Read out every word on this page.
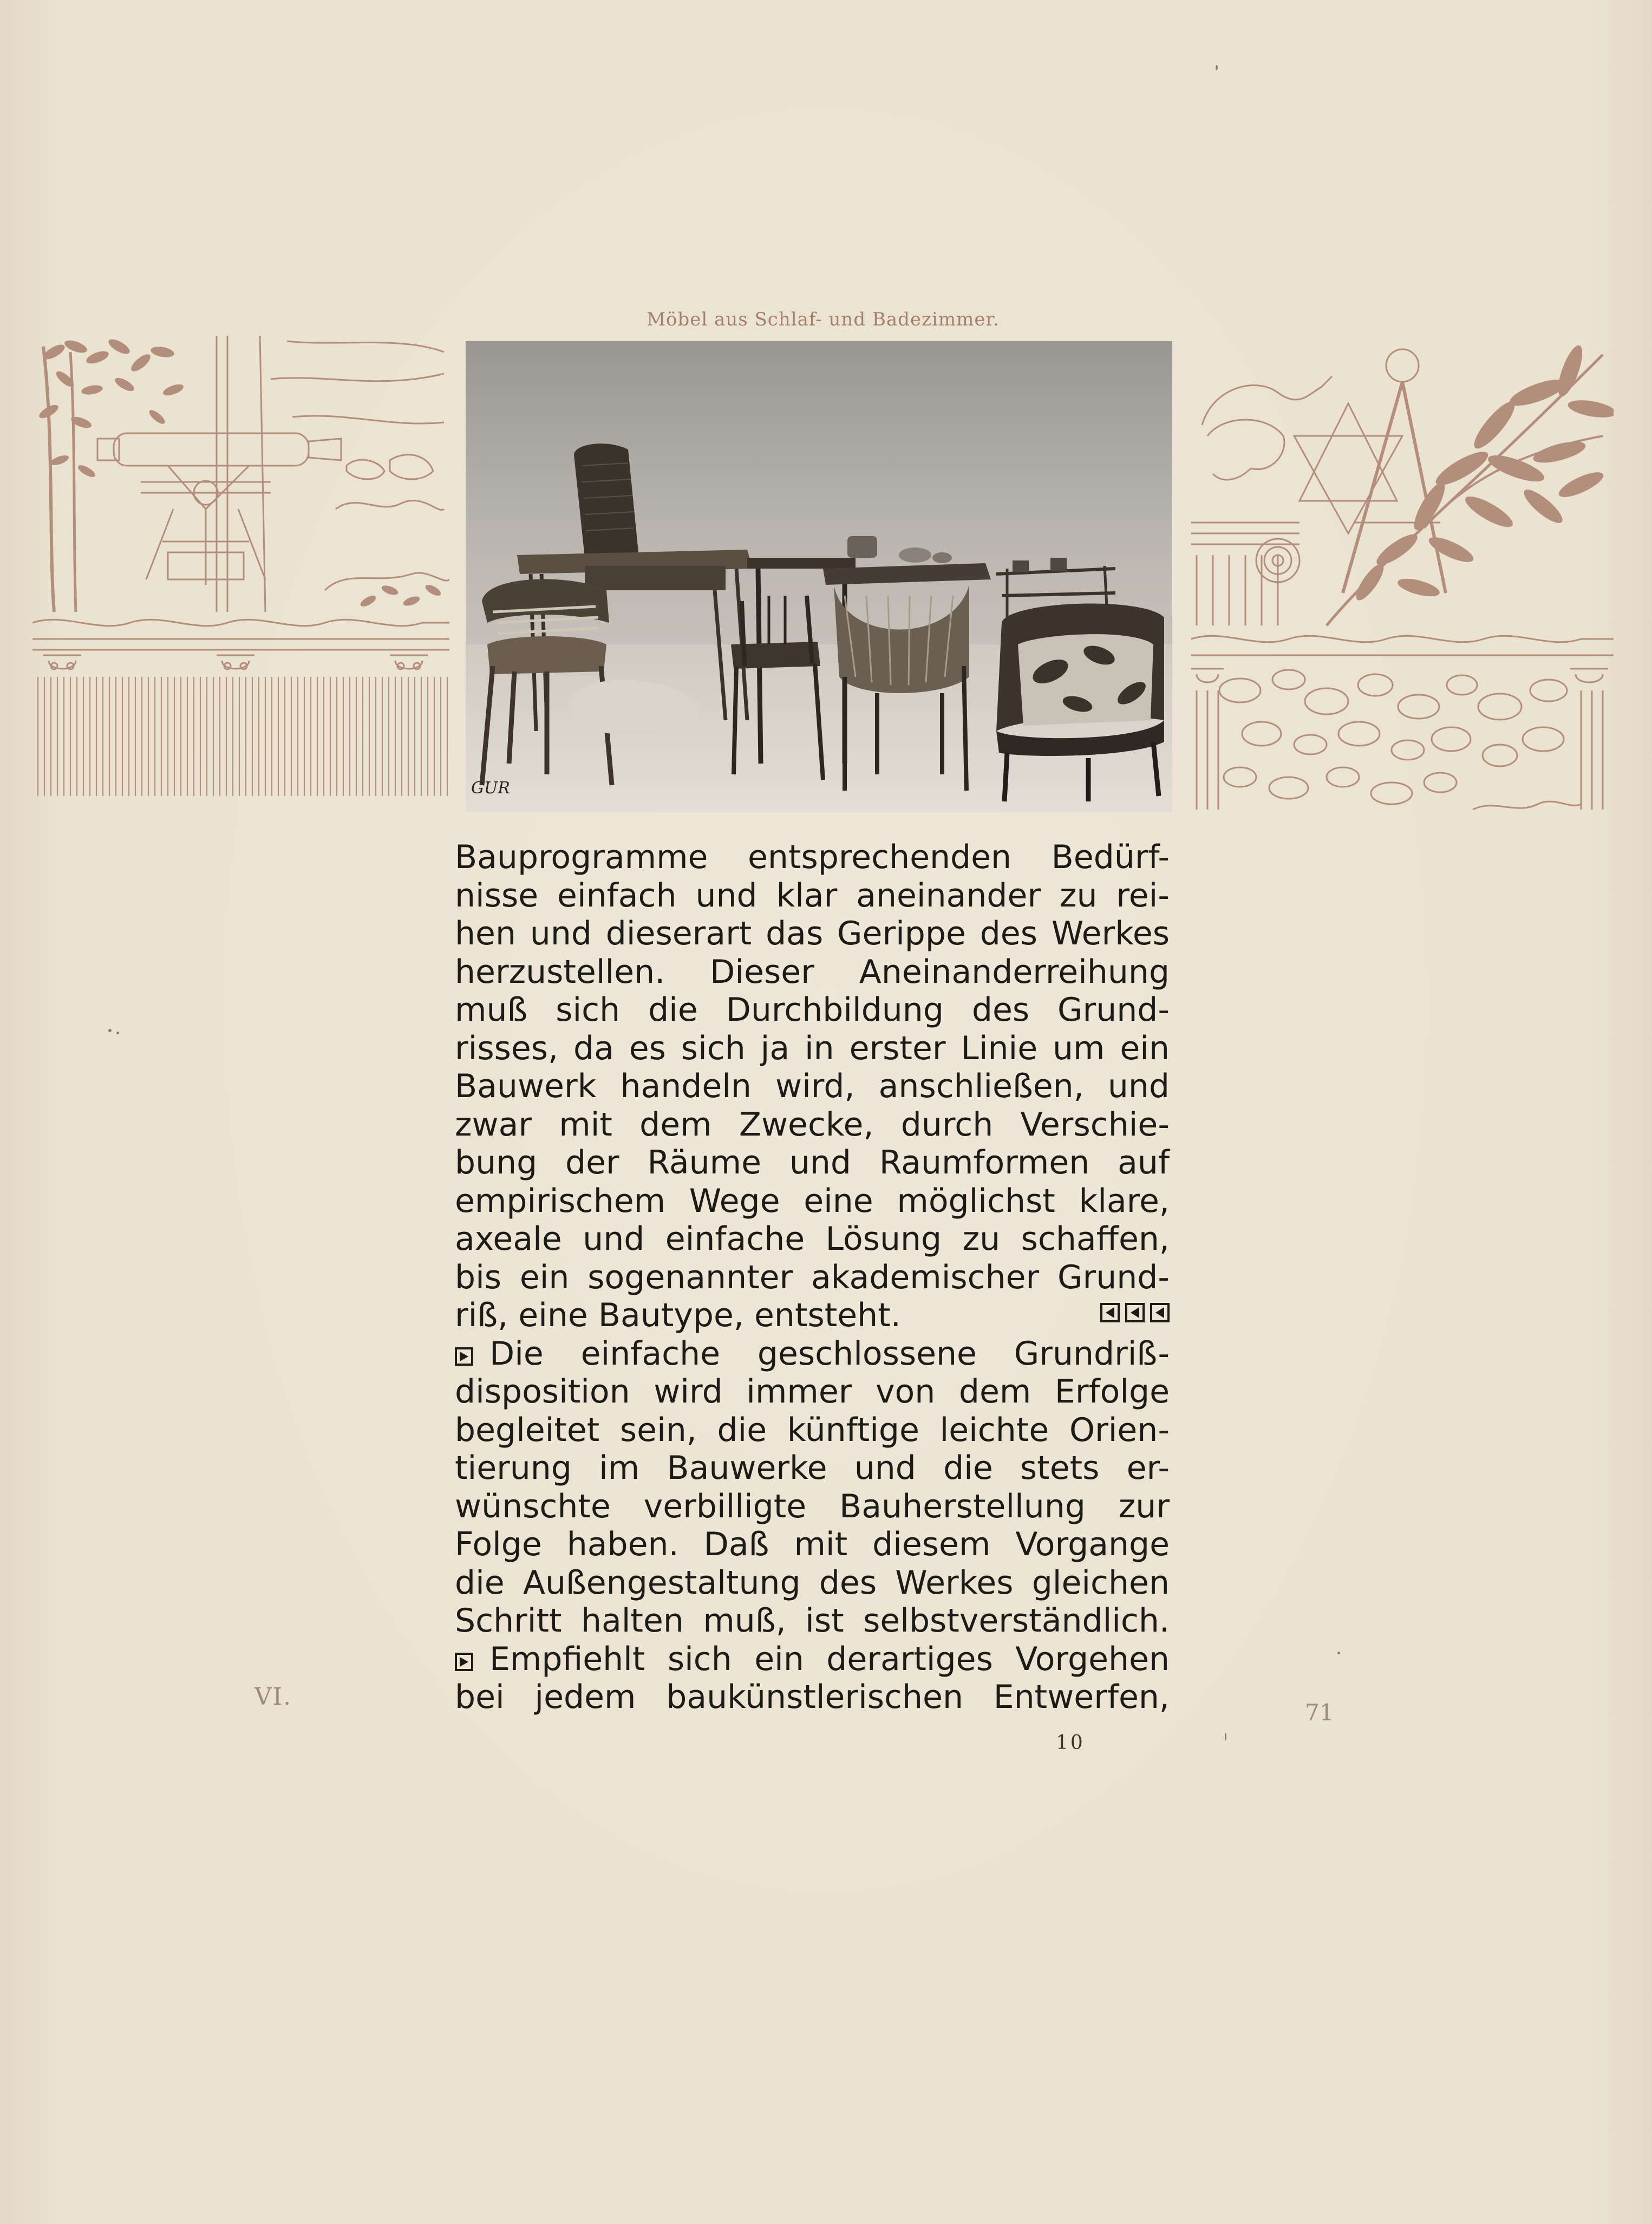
Möbel aus Schlaf- und Badezimmer.
GUR
Bauprogramme entsprechenden Bedürf-
nisse einfach und klar aneinander zu rei-
hen und dieserart das Gerippe des Werkes
herzustellen. Dieser Aneinanderreihung
muß sich die Durchbildung des Grund-
risses, da es sich ja in erster Linie um ein
Bauwerk handeln wird, anschließen, und
zwar mit dem Zwecke, durch Verschie-
bung der Räume und Raumformen auf
empirischem Wege eine möglichst klare,
axeale und einfache Lösung zu schaffen,
bis ein sogenannter akademischer Grund-
riß, eine Bautype, entsteht.
Die einfache geschlossene Grundriß-
disposition wird immer von dem Erfolge
begleitet sein, die künftige leichte Orien-
tierung im Bauwerke und die stets er-
wünschte verbilligte Bauherstellung zur
Folge haben. Daß mit diesem Vorgange
die Außengestaltung des Werkes gleichen
Schritt halten muß, ist selbstverständlich.
Empfiehlt sich ein derartiges Vorgehen
bei jedem baukünstlerischen Entwerfen,
VI.
71
10
